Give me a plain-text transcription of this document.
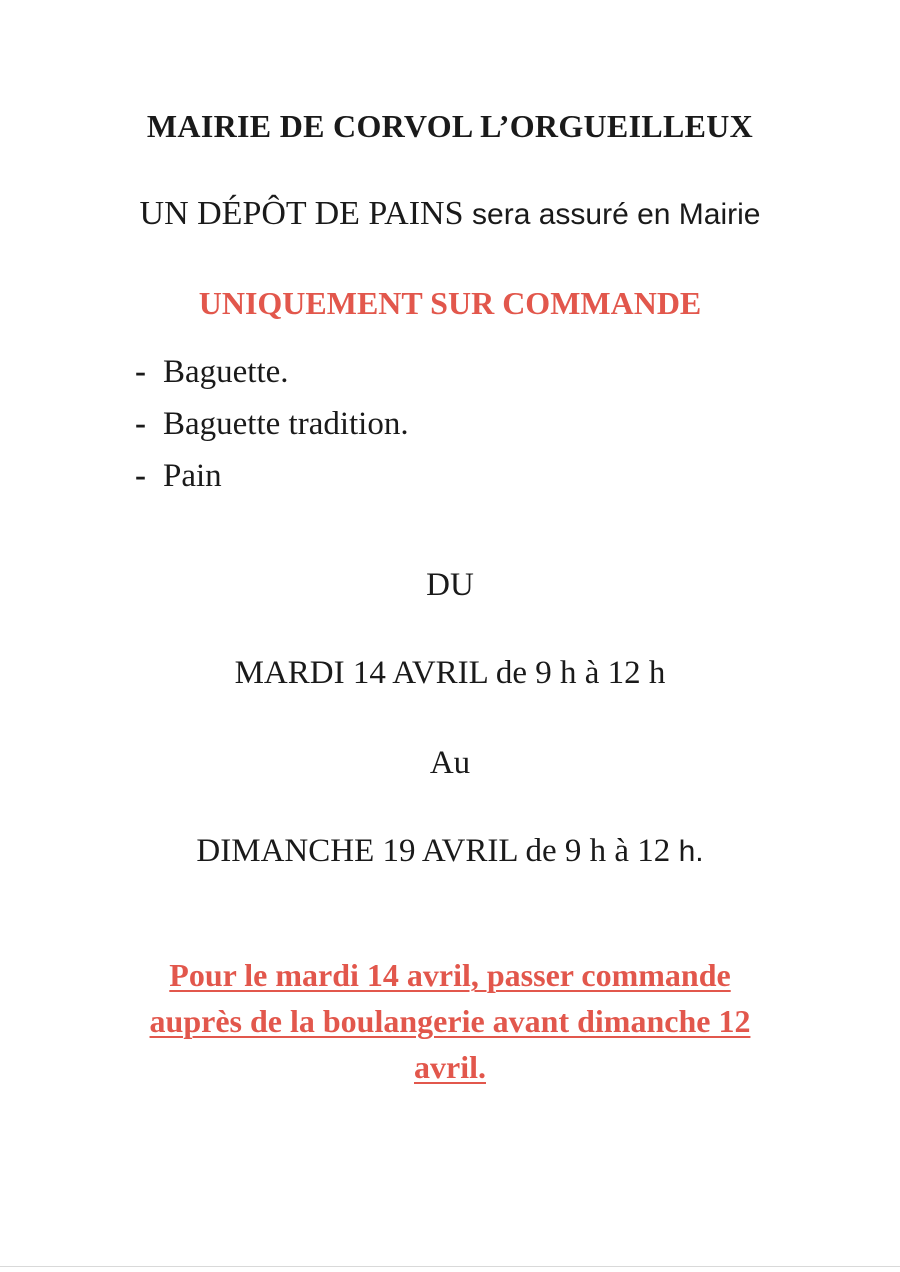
MAIRIE DE CORVOL L’ORGUEILLEUX
UN DÉPÔT DE PAINS sera assuré en Mairie
UNIQUEMENT SUR COMMANDE
- Baguette.
- Baguette tradition.
- Pain
DU
MARDI 14 AVRIL de 9 h à 12 h
Au
DIMANCHE 19 AVRIL de 9 h à 12 h.
Pour le mardi 14 avril, passer commande
auprès de la boulangerie avant dimanche 12
avril.
